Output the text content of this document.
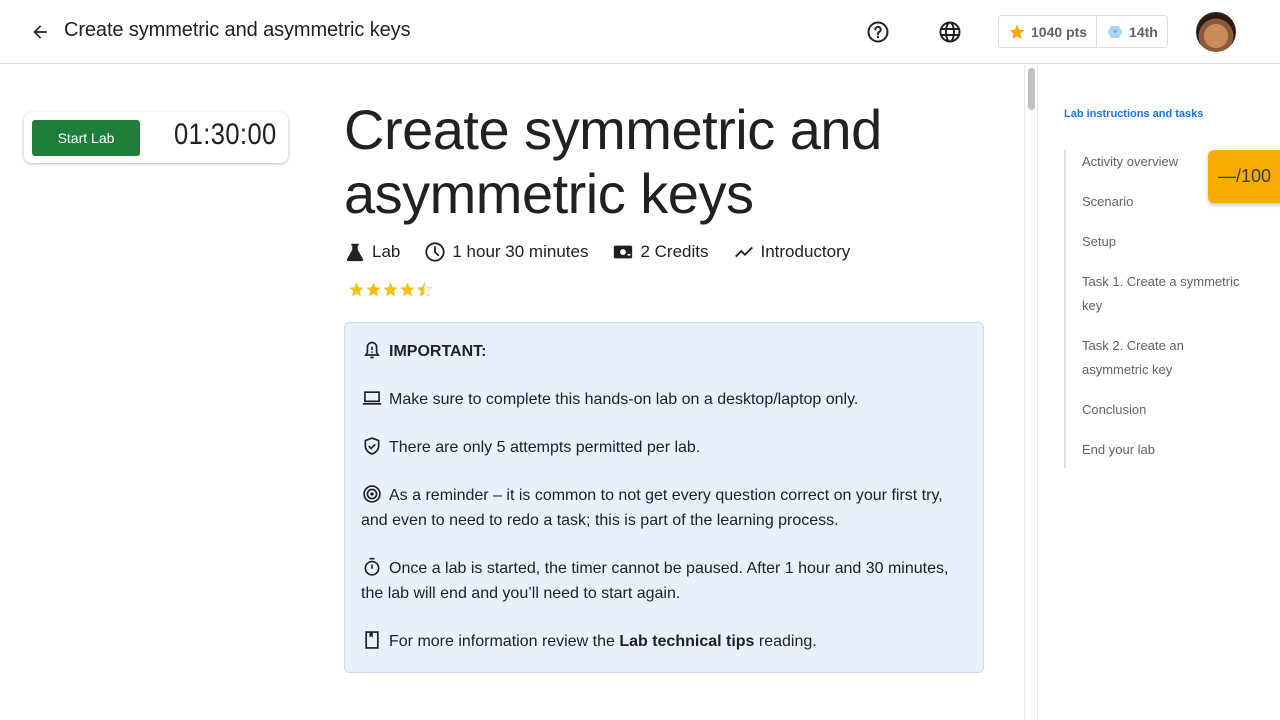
Create symmetric and asymmetric keys	1040 pts	14th
Start Lab	01:30:00 Create symmetric and asymmetric keys
Lab	1 hour 30 minutes	2 Credits	Introductory

IMPORTANT:

Make sure to complete this hands-on lab on a desktop/laptop only.

There are only 5 attempts permitted per lab.

As a reminder – it is common to not get every question correct on your first try, and even to need to redo a task; this is part of the learning process.

Once a lab is started, the timer cannot be paused. After 1 hour and 30 minutes, the lab will end and you’ll need to start again.

For more information review the Lab technical tips reading.

Lab instructions and tasks
Activity overview
Scenario
Setup
Task 1. Create a symmetric key
Task 2. Create an asymmetric key
Conclusion
End your lab
—/100
